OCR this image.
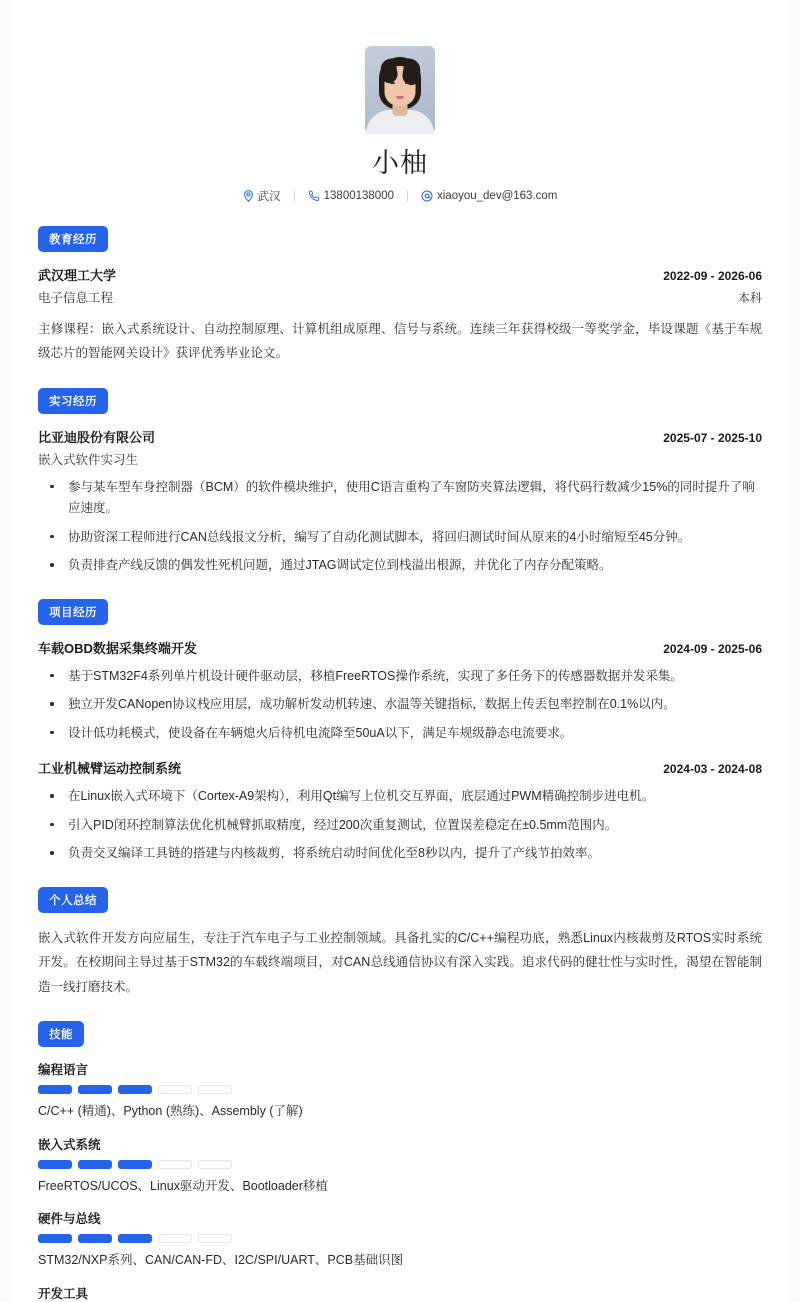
小柚
武汉	13800138000	xiaoyou_dev@163.com
教育经历
武汉理工大学	2022-09 - 2026-06
电子信息工程	本科
主修课程：嵌入式系统设计、自动控制原理、计算机组成原理、信号与系统。连续三年获得校级一等奖学金，毕设课题《基于车规级芯片的智能网关设计》获评优秀毕业论文。
实习经历
比亚迪股份有限公司	2025-07 - 2025-10
嵌入式软件实习生
参与某车型车身控制器（BCM）的软件模块维护，使用C语言重构了车窗防夹算法逻辑，将代码行数减少15%的同时提升了响应速度。
协助资深工程师进行CAN总线报文分析，编写了自动化测试脚本，将回归测试时间从原来的4小时缩短至45分钟。
负责排查产线反馈的偶发性死机问题，通过JTAG调试定位到栈溢出根源，并优化了内存分配策略。
项目经历
车载OBD数据采集终端开发	2024-09 - 2025-06
基于STM32F4系列单片机设计硬件驱动层，移植FreeRTOS操作系统，实现了多任务下的传感器数据并发采集。
独立开发CANopen协议栈应用层，成功解析发动机转速、水温等关键指标，数据上传丢包率控制在0.1%以内。
设计低功耗模式，使设备在车辆熄火后待机电流降至50uA以下，满足车规级静态电流要求。
工业机械臂运动控制系统	2024-03 - 2024-08
在Linux嵌入式环境下（Cortex-A9架构），利用Qt编写上位机交互界面，底层通过PWM精确控制步进电机。
引入PID闭环控制算法优化机械臂抓取精度，经过200次重复测试，位置误差稳定在±0.5mm范围内。
负责交叉编译工具链的搭建与内核裁剪，将系统启动时间优化至8秒以内，提升了产线节拍效率。
个人总结
嵌入式软件开发方向应届生，专注于汽车电子与工业控制领域。具备扎实的C/C++编程功底，熟悉Linux内核裁剪及RTOS实时系统开发。在校期间主导过基于STM32的车载终端项目，对CAN总线通信协议有深入实践。追求代码的健壮性与实时性，渴望在智能制造一线打磨技术。
技能
编程语言
C/C++ (精通)、Python (熟练)、Assembly (了解)
嵌入式系统
FreeRTOS/UCOS、Linux驱动开发、Bootloader移植
硬件与总线
STM32/NXP系列、CAN/CAN-FD、I2C/SPI/UART、PCB基础识图
开发工具
